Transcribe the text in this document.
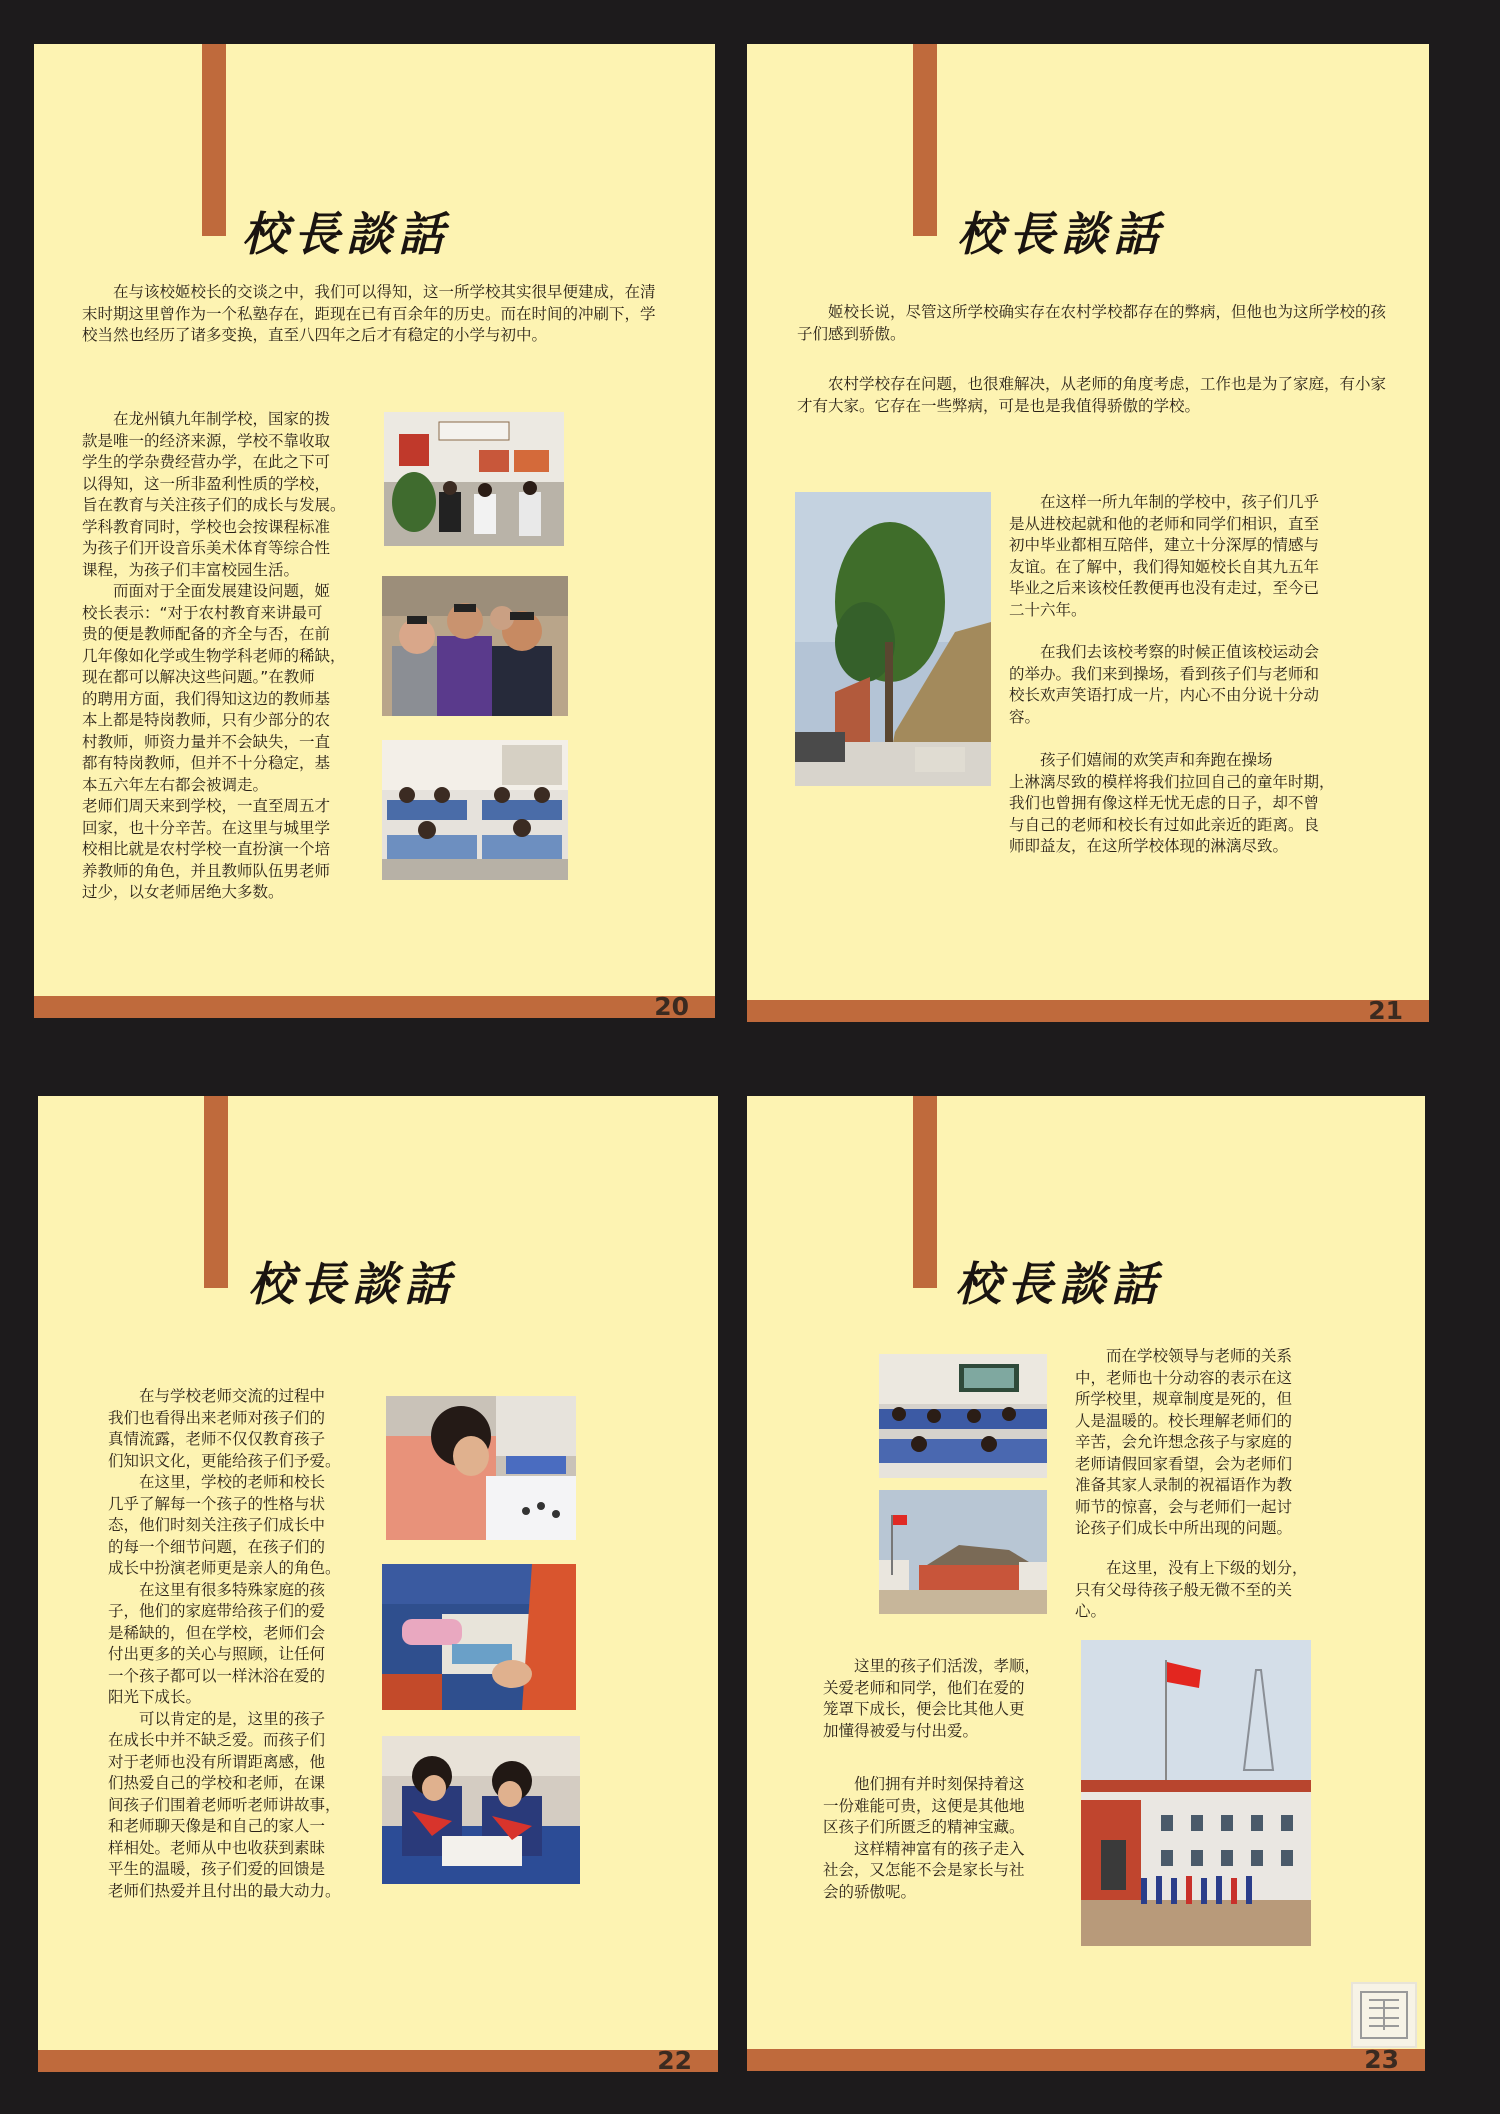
校長談話

　　在与该校姬校长的交谈之中，我们可以得知，这一所学校其实很早便建成，在清末时期这里曾作为一个私塾存在，距现在已有百余年的历史。而在时间的冲刷下，学校当然也经历了诸多变换，直至八四年之后才有稳定的小学与初中。

　　在龙州镇九年制学校，国家的拨
款是唯一的经济来源，学校不靠收取
学生的学杂费经营办学，在此之下可
以得知，这一所非盈利性质的学校，
旨在教育与关注孩子们的成长与发展。
学科教育同时，学校也会按课程标准
为孩子们开设音乐美术体育等综合性
课程，为孩子们丰富校园生活。
　　而面对于全面发展建设问题，姬
校长表示：“对于农村教育来讲最可
贵的便是教师配备的齐全与否，在前
几年像如化学或生物学科老师的稀缺，
现在都可以解决这些问题。”在教师
的聘用方面，我们得知这边的教师基
本上都是特岗教师，只有少部分的农
村教师，师资力量并不会缺失，一直
都有特岗教师，但并不十分稳定，基
本五六年左右都会被调走。
老师们周天来到学校，一直至周五才
回家，也十分辛苦。在这里与城里学
校相比就是农村学校一直扮演一个培
养教师的角色，并且教师队伍男老师
过少，以女老师居绝大多数。

20
校長談話

　　姬校长说，尽管这所学校确实存在农村学校都存在的弊病，但他也为这所学校的孩子们感到骄傲。

　　农村学校存在问题，也很难解决，从老师的角度考虑，工作也是为了家庭，有小家才有大家。它存在一些弊病，可是也是我值得骄傲的学校。

　　在这样一所九年制的学校中，孩子们几乎
是从进校起就和他的老师和同学们相识，直至
初中毕业都相互陪伴，建立十分深厚的情感与
友谊。在了解中，我们得知姬校长自其九五年
毕业之后来该校任教便再也没有走过，至今已
二十六年。

　　在我们去该校考察的时候正值该校运动会
的举办。我们来到操场，看到孩子们与老师和
校长欢声笑语打成一片，内心不由分说十分动
容。

　　孩子们嬉闹的欢笑声和奔跑在操场
上淋漓尽致的模样将我们拉回自己的童年时期，
我们也曾拥有像这样无忧无虑的日子，却不曾
与自己的老师和校长有过如此亲近的距离。良
师即益友，在这所学校体现的淋漓尽致。

21
校長談話

　　在与学校老师交流的过程中
我们也看得出来老师对孩子们的
真情流露，老师不仅仅教育孩子
们知识文化，更能给孩子们予爱。
　　在这里，学校的老师和校长
几乎了解每一个孩子的性格与状
态，他们时刻关注孩子们成长中
的每一个细节问题，在孩子们的
成长中扮演老师更是亲人的角色。
　　在这里有很多特殊家庭的孩
子，他们的家庭带给孩子们的爱
是稀缺的，但在学校，老师们会
付出更多的关心与照顾，让任何
一个孩子都可以一样沐浴在爱的
阳光下成长。
　　可以肯定的是，这里的孩子
在成长中并不缺乏爱。而孩子们
对于老师也没有所谓距离感，他
们热爱自己的学校和老师，在课
间孩子们围着老师听老师讲故事，
和老师聊天像是和自己的家人一
样相处。老师从中也收获到素昧
平生的温暖，孩子们爱的回馈是
老师们热爱并且付出的最大动力。

22
校長談話

　　而在学校领导与老师的关系
中，老师也十分动容的表示在这
所学校里，规章制度是死的，但
人是温暖的。校长理解老师们的
辛苦，会允许想念孩子与家庭的
老师请假回家看望，会为老师们
准备其家人录制的祝福语作为教
师节的惊喜，会与老师们一起讨
论孩子们成长中所出现的问题。

　　在这里，没有上下级的划分，
只有父母待孩子般无微不至的关
心。

　　这里的孩子们活泼，孝顺，
关爱老师和同学，他们在爱的
笼罩下成长，便会比其他人更
加懂得被爱与付出爱。

　　他们拥有并时刻保持着这
一份难能可贵，这便是其他地
区孩子们所匮乏的精神宝藏。
　　这样精神富有的孩子走入
社会，又怎能不会是家长与社
会的骄傲呢。

23
